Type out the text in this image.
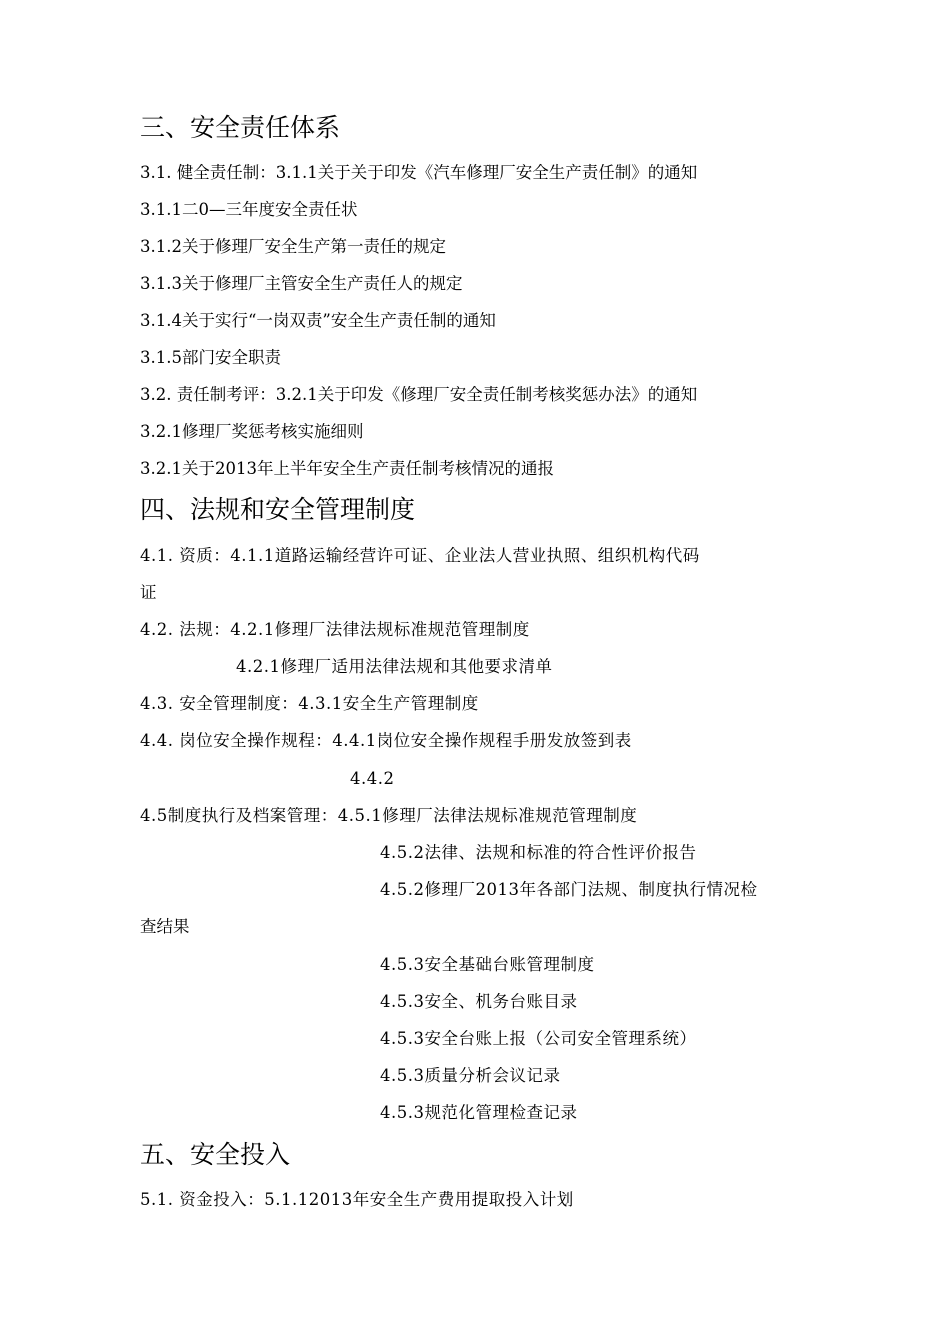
三、安全责任体系
3.1. 健全责任制：3.1.1关于关于印发《汽车修理厂安全生产责任制》的通知
3.1.1二0—三年度安全责任状
3.1.2关于修理厂安全生产第一责任的规定
3.1.3关于修理厂主管安全生产责任人的规定
3.1.4关于实行“一岗双责”安全生产责任制的通知
3.1.5部门安全职责
3.2. 责任制考评：3.2.1关于印发《修理厂安全责任制考核奖惩办法》的通知
3.2.1修理厂奖惩考核实施细则
3.2.1关于2013年上半年安全生产责任制考核情况的通报
四、法规和安全管理制度
4.1. 资质：4.1.1道路运输经营许可证、企业法人营业执照、组织机构代码
证
4.2. 法规：4.2.1修理厂法律法规标准规范管理制度
4.2.1修理厂适用法律法规和其他要求清单
4.3. 安全管理制度：4.3.1安全生产管理制度
4.4. 岗位安全操作规程：4.4.1岗位安全操作规程手册发放签到表
4.4.2
4.5制度执行及档案管理：4.5.1修理厂法律法规标准规范管理制度
4.5.2法律、法规和标准的符合性评价报告
4.5.2修理厂2013年各部门法规、制度执行情况检
查结果
4.5.3安全基础台账管理制度
4.5.3安全、机务台账目录
4.5.3安全台账上报（公司安全管理系统）
4.5.3质量分析会议记录
4.5.3规范化管理检查记录
五、安全投入
5.1. 资金投入：5.1.12013年安全生产费用提取投入计划
